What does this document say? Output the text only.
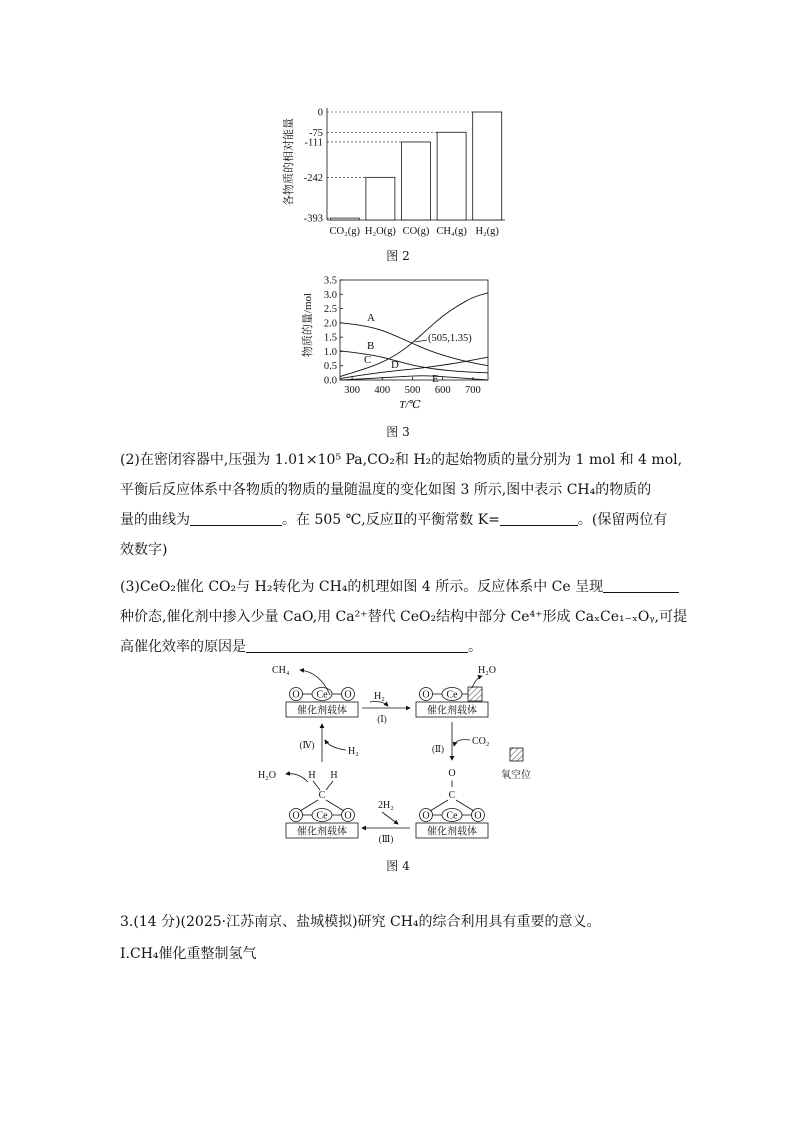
各物质的相对能量
-393
-242
-111
-75
0
CO₂(g) H₂O(g) CO(g) CH₄(g) H₂(g)
图 2
物质的量/mol
0.0
0.5
1.0
1.5
2.0
2.5
3.0
3.5
300 400 500 600 700
A
B
C D
E
(505,1.35)
T/℃
图 3
(2)在密闭容器中,压强为 1.01×10⁵ Pa,CO₂和 H₂的起始物质的量分别为 1 mol 和 4 mol,
平衡后反应体系中各物质的物质的量随温度的变化如图 3 所示,图中表示 CH₄的物质的
量的曲线为	。在 505 ℃,反应Ⅱ的平衡常数 K=	。(保留两位有
效数字)
(3)CeO₂催化 CO₂与 H₂转化为 CH₄的机理如图 4 所示。反应体系中 Ce 呈现
种价态,催化剂中掺入少量 CaO,用 Ca²⁺替代 CeO₂结构中部分 Ce⁴⁺形成 CaₓCe₁₋ₓOᵧ,可提
高催化效率的原因是	。
CH₄
O Ce O
催化剂载体
H₂
(Ⅰ)
H₂O
O Ce
催化剂载体
(Ⅱ)
CO₂
氧空位
O
‖
C
O Ce O
催化剂载体
2H₂
(Ⅲ)
H₂O	H H
C
O Ce O
催化剂载体
(Ⅳ)
H₂
图 4
3.(14 分)(2025·江苏南京、盐城模拟)研究 CH₄的综合利用具有重要的意义。
Ⅰ.CH₄催化重整制氢气
